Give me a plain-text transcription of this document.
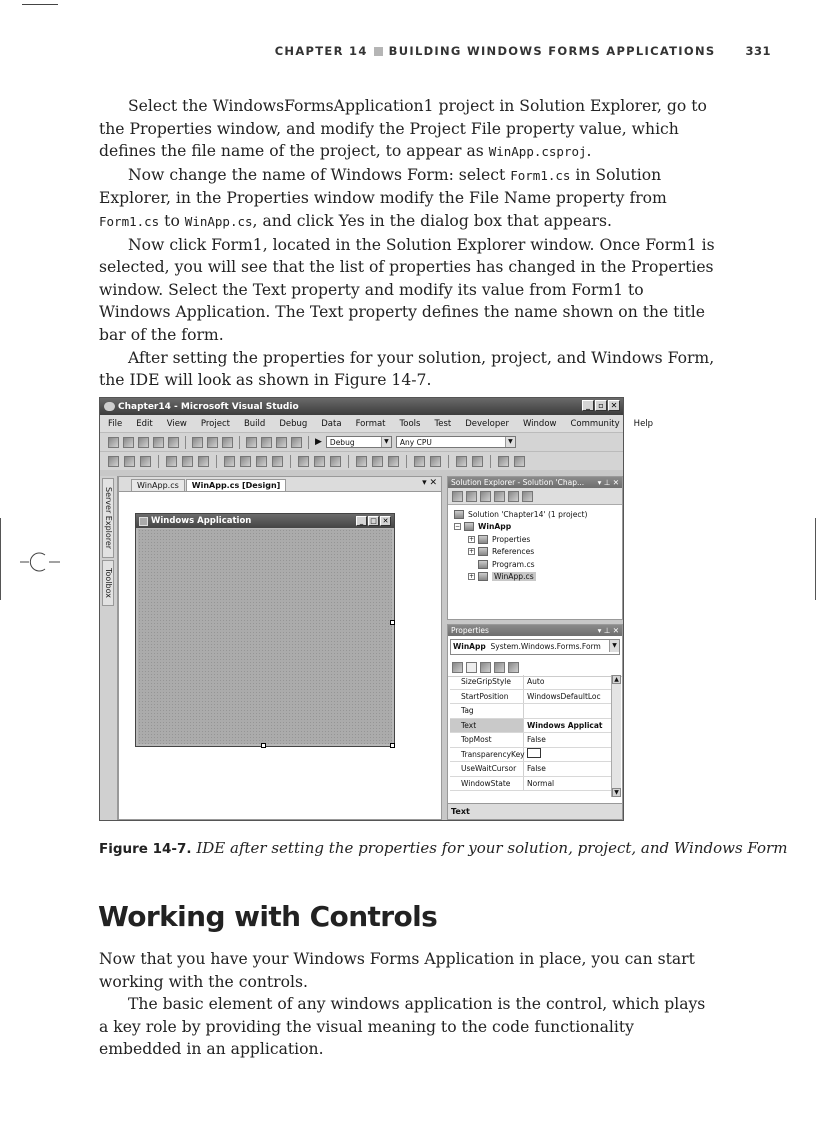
CHAPTER 14 BUILDING WINDOWS FORMS APPLICATIONS	331

Select the WindowsFormsApplication1 project in Solution Explorer, go to the Properties window, and modify the Project File property value, which defines the file name of the project, to appear as WinApp.csproj.

Now change the name of Windows Form: select Form1.cs in Solution Explorer, in the Properties window modify the File Name property from Form1.cs to WinApp.cs, and click Yes in the dialog box that appears.

Now click Form1, located in the Solution Explorer window. Once Form1 is selected, you will see that the list of properties has changed in the Properties window. Select the Text property and modify its value from Form1 to Windows Application. The Text property defines the name shown on the title bar of the form.

After setting the properties for your solution, project, and Windows Form, the IDE will look as shown in Figure 14-7.

Chapter14 - Microsoft Visual Studio	_	▫ ✕
File Edit View Project Build Debug Data Format Tools Test Developer Window Community Help
▶	Debug	▼	Any CPU	▼
Server Explorer
Toolbox
WinApp.cs	WinApp.cs [Design]	▾ ✕
Windows Application	_ □ ✕
Solution Explorer - Solution 'Chap... ▾ ⊥ ✕
Solution 'Chapter14' (1 project)
− WinApp
+ Properties
+ References
Program.cs
+	WinApp.cs
Properties	▾ ⊥ ✕
WinApp System.Windows.Forms.Form	▼
SizeGripStyle	Auto
StartPosition	WindowsDefaultLoc
Tag
Text	Windows Applicat
TopMost	False
TransparencyKey
UseWaitCursor	False
WindowState	Normal
▲
▼
Text
Figure 14-7. IDE after setting the properties for your solution, project, and Windows Form
Working with Controls

Now that you have your Windows Forms Application in place, you can start working with the controls.

The basic element of any windows application is the control, which plays a key role by providing the visual meaning to the code functionality embedded in an application.
